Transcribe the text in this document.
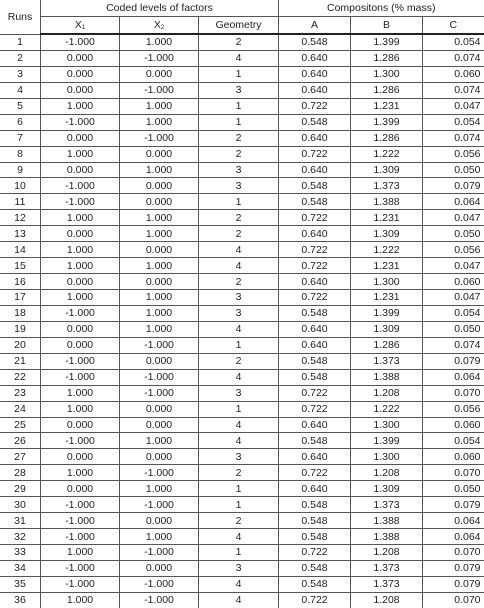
Runs	Coded levels of factors			Compositons (% mass)		
	$X_1$	$X_2$	Geometry	A	B	C
1	-1.000	1.000	2	0.548	1.399	0.054
2	0.000	-1.000	4	0.640	1.286	0.074
3	0.000	0.000	1	0.640	1.300	0.060
4	0.000	-1.000	3	0.640	1.286	0.074
5	1.000	1.000	1	0.722	1.231	0.047
6	-1.000	1.000	1	0.548	1.399	0.054
7	0.000	-1.000	2	0.640	1.286	0.074
8	1.000	0.000	2	0.722	1.222	0.056
9	0.000	1.000	3	0.640	1.309	0.050
10	-1.000	0.000	3	0.548	1.373	0.079
11	-1.000	0.000	1	0.548	1.388	0.064
12	1.000	1.000	2	0.722	1.231	0.047
13	0.000	1.000	2	0.640	1.309	0.050
14	1.000	0.000	4	0.722	1.222	0.056
15	1.000	1.000	4	0.722	1.231	0.047
16	0.000	0.000	2	0.640	1.300	0.060
17	1.000	1.000	3	0.722	1.231	0.047
18	-1.000	1.000	3	0.548	1.399	0.054
19	0.000	1.000	4	0.640	1.309	0.050
20	0.000	-1.000	1	0.640	1.286	0.074
21	-1.000	0.000	2	0.548	1.373	0.079
22	-1.000	-1.000	4	0.548	1.388	0.064
23	1.000	-1.000	3	0.722	1.208	0.070
24	1.000	0.000	1	0.722	1.222	0.056
25	0.000	0.000	4	0.640	1.300	0.060
26	-1.000	1.000	4	0.548	1.399	0.054
27	0.000	0.000	3	0.640	1.300	0.060
28	1.000	-1.000	2	0.722	1.208	0.070
29	0.000	1.000	1	0.640	1.309	0.050
30	-1.000	-1.000	1	0.548	1.373	0.079
31	-1.000	0.000	2	0.548	1.388	0.064
32	-1.000	1.000	4	0.548	1.388	0.064
33	1.000	-1.000	1	0.722	1.208	0.070
34	-1.000	0.000	3	0.548	1.373	0.079
35	-1.000	-1.000	4	0.548	1.373	0.079
36	1.000	-1.000	4	0.722	1.208	0.070
